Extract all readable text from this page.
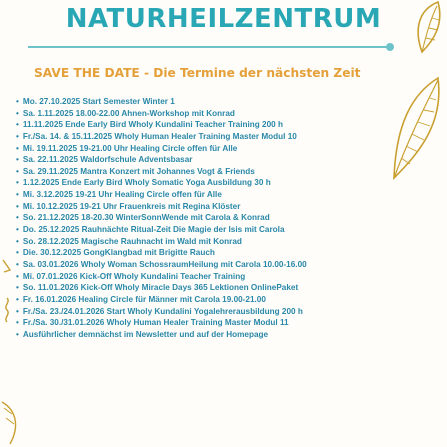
NATURHEILZENTRUM
SAVE THE DATE - Die Termine der nächsten Zeit
• Mo. 27.10.2025 Start Semester Winter 1
• Sa. 1.11.2025 18.00-22.00 Ahnen-Workshop mit Konrad
• 11.11.2025 Ende Early Bird Wholy Kundalini Teacher Training 200 h
• Fr./Sa. 14. & 15.11.2025 Wholy Human Healer Training Master Modul 10
• Mi. 19.11.2025 19-21.00 Uhr Healing Circle offen für Alle
• Sa. 22.11.2025 Waldorfschule Adventsbasar
• Sa. 29.11.2025 Mantra Konzert mit Johannes Vogt & Friends
• 1.12.2025 Ende Early Bird Wholy Somatic Yoga Ausbildung 30 h
• Mi. 3.12.2025 19-21 Uhr Healing Circle offen für Alle
• Mi. 10.12.2025 19-21 Uhr Frauenkreis mit Regina Klöster
• So. 21.12.2025 18-20.30 WinterSonnWende mit Carola & Konrad
• Do. 25.12.2025 Rauhnächte Ritual-Zeit Die Magie der Isis mit Carola
• So. 28.12.2025 Magische Rauhnacht im Wald mit Konrad
• Die. 30.12.2025 GongKlangbad mit Brigitte Rauch
• Sa. 03.01.2026 Wholy Woman SchossraumHeilung mit Carola 10.00-16.00
• Mi. 07.01.2026 Kick-Off Wholy Kundalini Teacher Training
• So. 11.01.2026 Kick-Off Wholy Miracle Days 365 Lektionen OnlinePaket
• Fr. 16.01.2026 Healing Circle für Männer mit Carola 19.00-21.00
• Fr./Sa. 23./24.01.2026 Start Wholy Kundalini Yogalehrerausbildung 200 h
• Fr./Sa. 30./31.01.2026 Wholy Human Healer Training Master Modul 11
• Ausführlicher demnächst im Newsletter und auf der Homepage
